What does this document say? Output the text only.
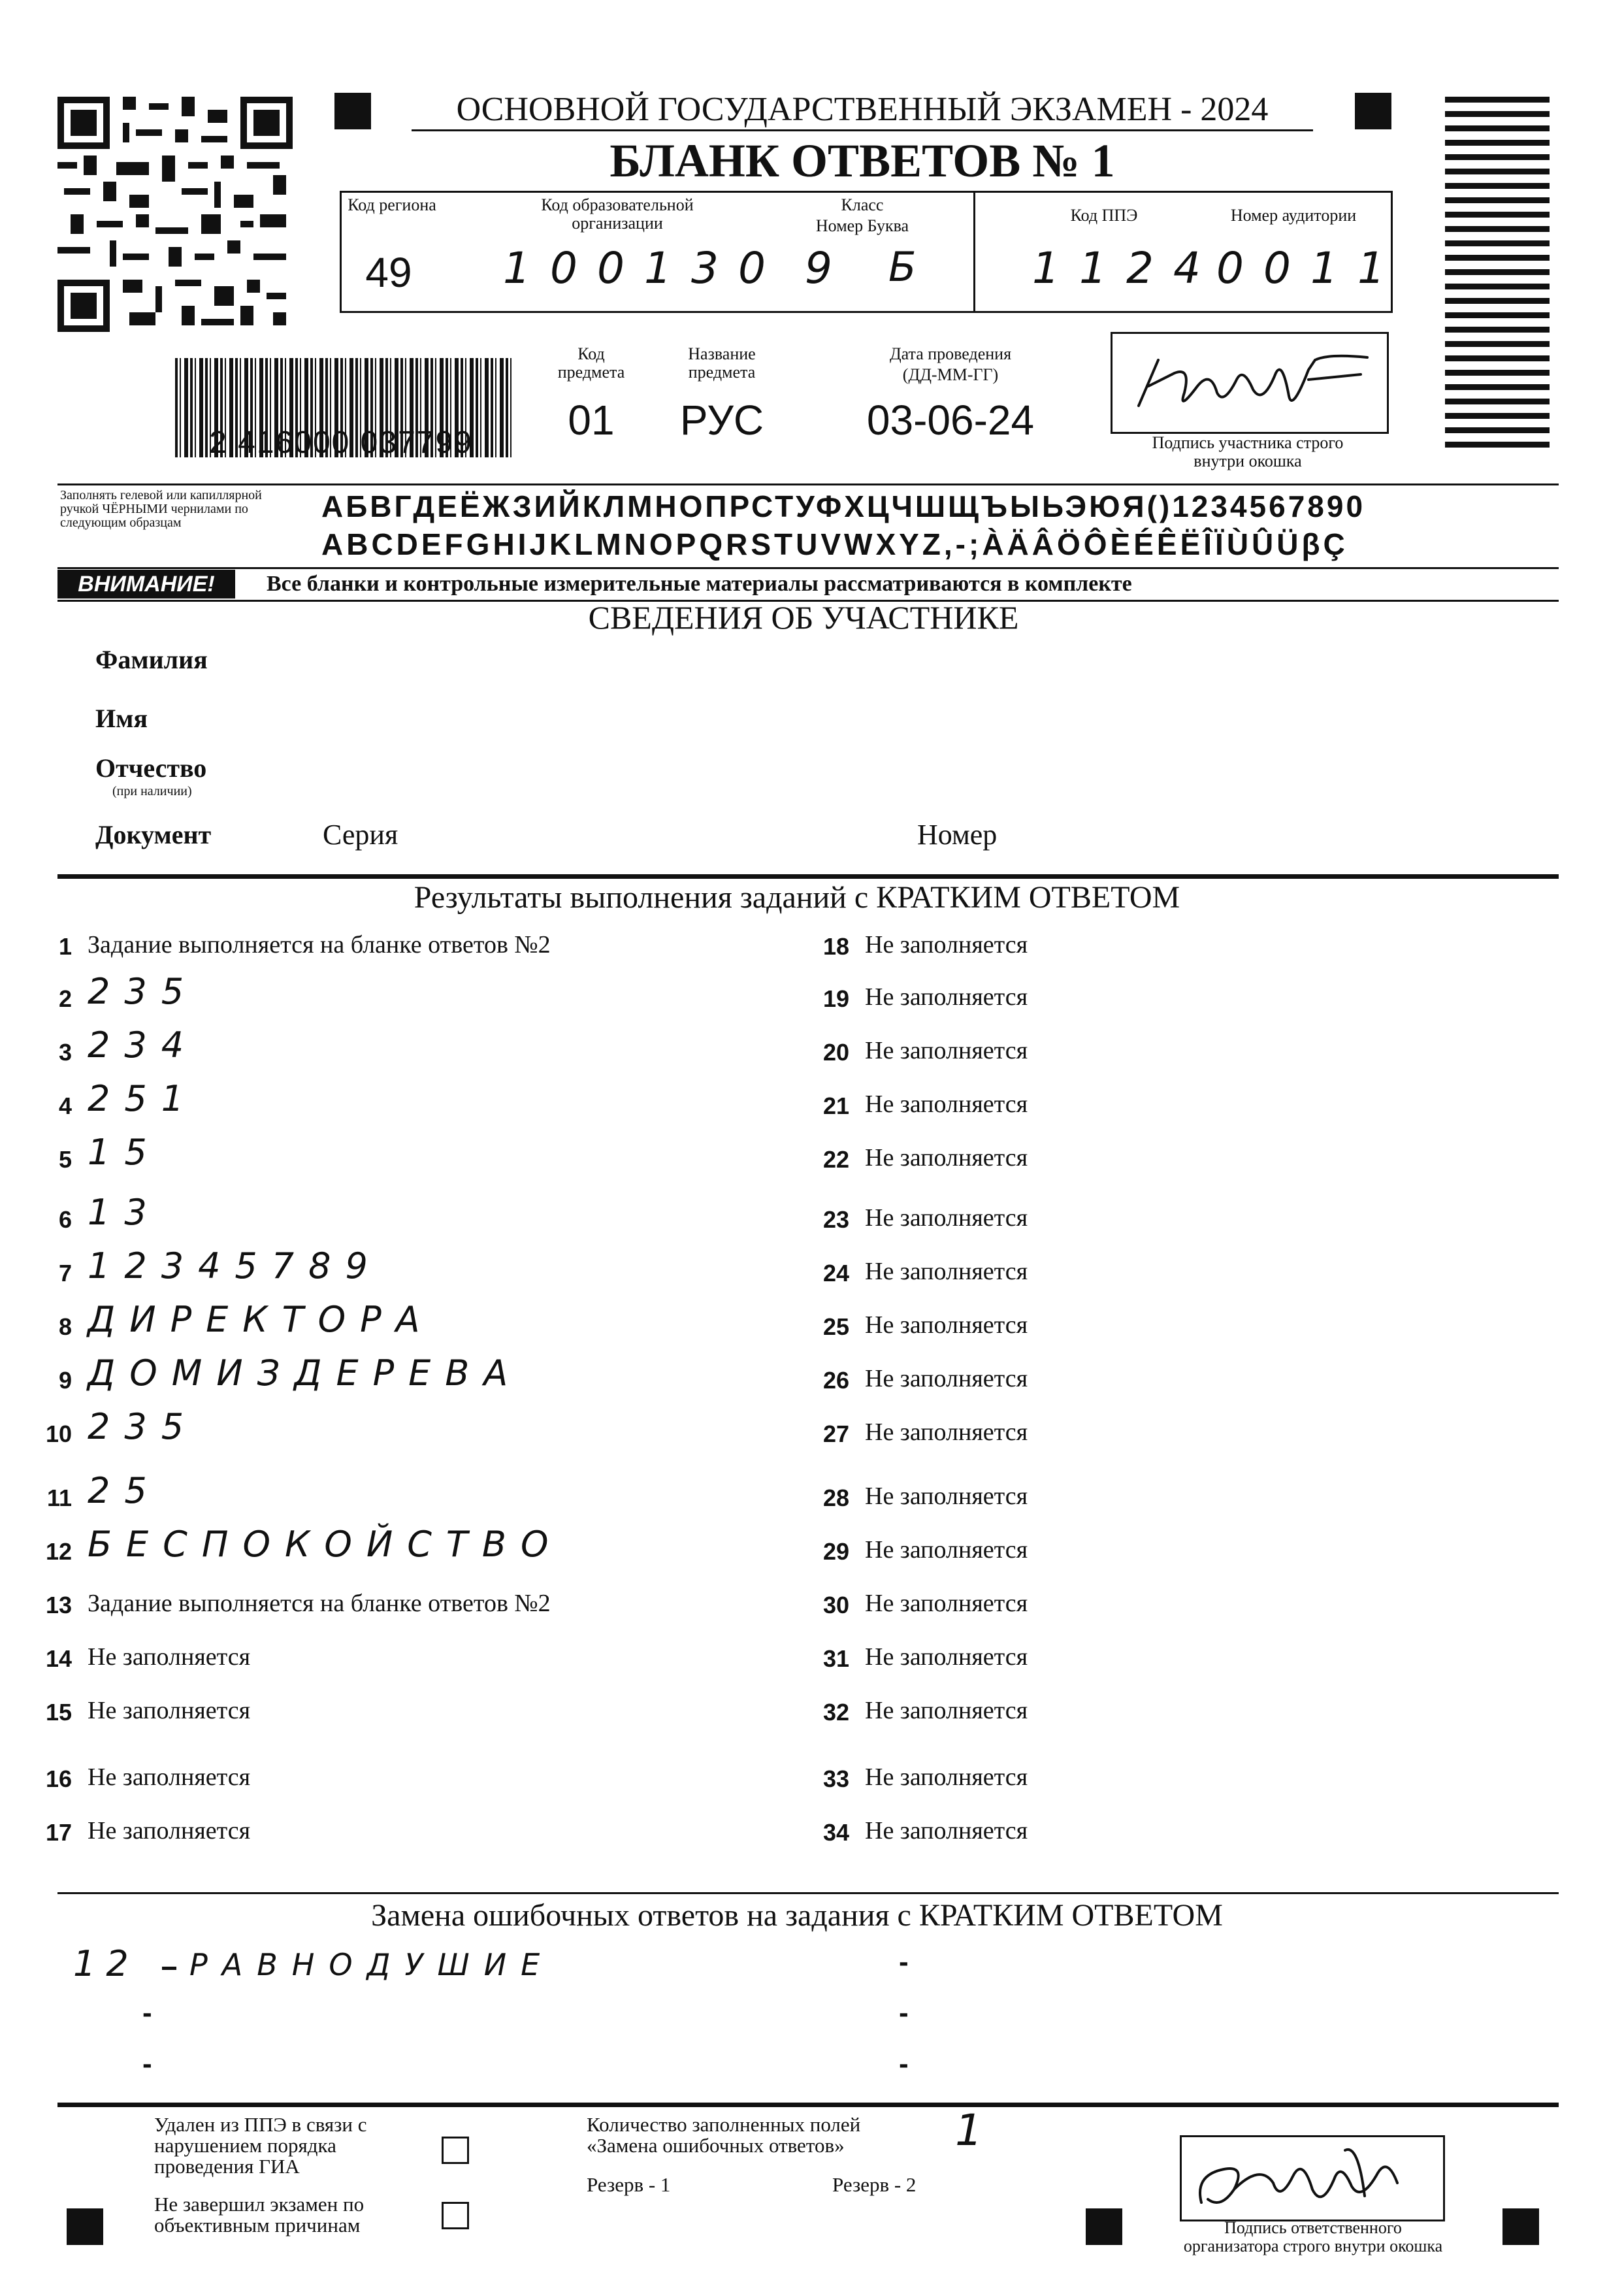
ОСНОВНОЙ ГОСУДАРСТВЕННЫЙ ЭКЗАМЕН - 2024
БЛАНК ОТВЕТОВ № 1
Код региона
49
Код образовательной организации
100130
Класс
Номер Буква
9 Б
Код ППЭ
1124
Номер аудитории
0011
2 416000 037799
Код предмета
01
Название предмета
РУС
Дата проведения
(ДД-ММ-ГГ)
03-06-24	Подпись участника строго внутри окошка
Заполнять гелевой или капиллярной ручкой ЧЁРНЫМИ чернилами по следующим образцам	АБВГДЕЁЖЗИЙКЛМНОПРСТУФХЦЧШЩЪЫЬЭЮЯ()1234567890
ABCDEFGHIJKLMNOPQRSTUVWXYZ,-;ÀÄÂÖÔÈÉÊËÎÏÙÛÜβÇ
ВНИМАНИЕ!	Все бланки и контрольные измерительные материалы рассматриваются в комплекте
СВЕДЕНИЯ ОБ УЧАСТНИКЕ
Фамилия
Имя
Отчество
(при наличии)
Документ	Серия	Номер
Результаты выполнения заданий с КРАТКИМ ОТВЕТОМ
Замена ошибочных ответов на задания с КРАТКИМ ОТВЕТОМ
12 РАВНОДУШИЕ	-
-	-
-	-
Удален из ППЭ в связи с нарушением порядка проведения ГИА
Не завершил экзамен по объективным причинам
Количество заполненных полей «Замена ошибочных ответов»	1
Резерв - 1	Резерв - 2
Подпись ответственного организатора строго внутри окошка
1 Задание выполняется на бланке ответов №2
2 235
3 234
4 251
5 15
6 13
7 12345789
8 ДИРЕКТОРА
9 ДОМИЗДЕРЕВА
10 235
11 25
12 БЕСПОКОЙСТВО
13 Задание выполняется на бланке ответов №2
14 Не заполняется
15 Не заполняется
16 Не заполняется
17 Не заполняется
18 Не заполняется
19 Не заполняется
20 Не заполняется
21 Не заполняется
22 Не заполняется
23 Не заполняется
24 Не заполняется
25 Не заполняется
26 Не заполняется
27 Не заполняется
28 Не заполняется
29 Не заполняется
30 Не заполняется
31 Не заполняется
32 Не заполняется
33 Не заполняется
34 Не заполняется
